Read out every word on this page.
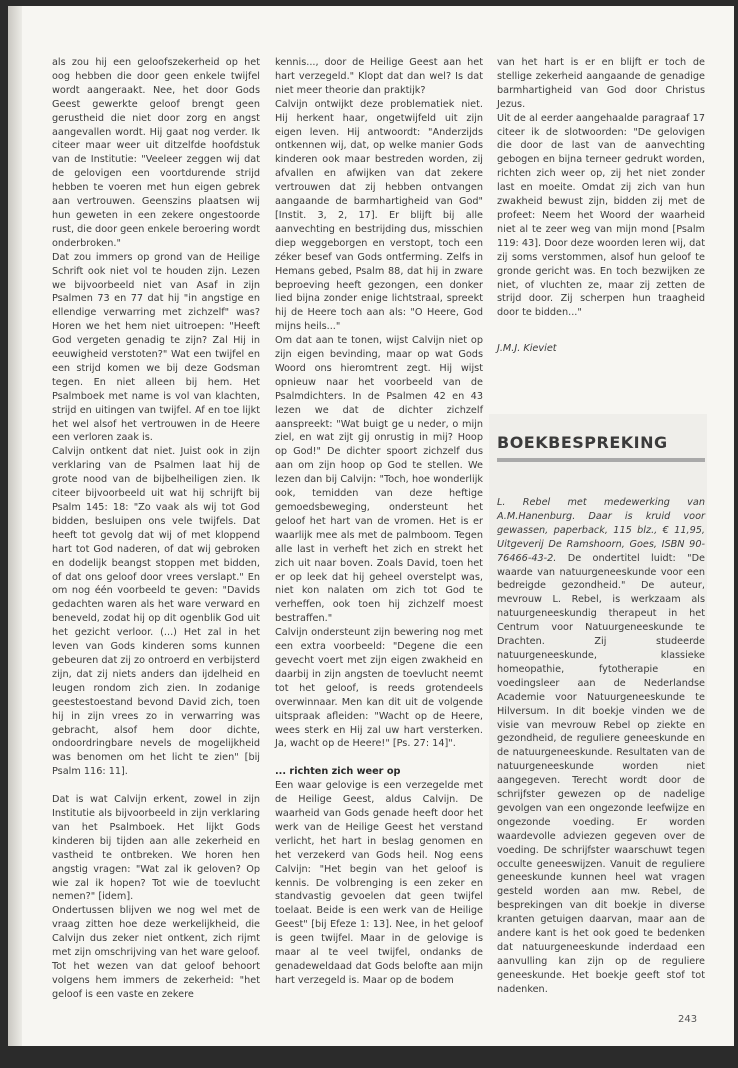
als zou hij een geloofszekerheid op het oog hebben die door geen enkele twijfel wordt aangeraakt. Nee, het door Gods Geest gewerkte geloof brengt geen gerustheid die niet door zorg en angst aangevallen wordt. Hij gaat nog verder. Ik citeer maar weer uit ditzelfde hoofdstuk van de Institutie: "Veeleer zeggen wij dat de gelovigen een voortdurende strijd hebben te voeren met hun eigen gebrek aan vertrouwen. Geenszins plaatsen wij hun geweten in een zekere ongestoorde rust, die door geen enkele beroering wordt onderbroken."

Dat zou immers op grond van de Heilige Schrift ook niet vol te houden zijn. Lezen we bijvoorbeeld niet van Asaf in zijn Psalmen 73 en 77 dat hij "in angstige en ellendige verwarring met zichzelf" was? Horen we het hem niet uitroepen: "Heeft God vergeten genadig te zijn? Zal Hij in eeuwigheid verstoten?" Wat een twijfel en een strijd komen we bij deze Godsman tegen. En niet alleen bij hem. Het Psalmboek met name is vol van klachten, strijd en uitingen van twijfel. Af en toe lijkt het wel alsof het vertrouwen in de Heere een verloren zaak is.

Calvijn ontkent dat niet. Juist ook in zijn verklaring van de Psalmen laat hij de grote nood van de bijbelheiligen zien. Ik citeer bijvoorbeeld uit wat hij schrijft bij Psalm 145: 18: "Zo vaak als wij tot God bidden, besluipen ons vele twijfels. Dat heeft tot gevolg dat wij of met kloppend hart tot God naderen, of dat wij gebroken en dodelijk beangst stoppen met bidden, of dat ons geloof door vrees verslapt." En om nog één voorbeeld te geven: "Davids gedachten waren als het ware verward en beneveld, zodat hij op dit ogenblik God uit het gezicht verloor. (...) Het zal in het leven van Gods kinderen soms kunnen gebeuren dat zij zo ontroerd en verbijsterd zijn, dat zij niets anders dan ijdelheid en leugen rondom zich zien. In zodanige geestestoestand bevond David zich, toen hij in zijn vrees zo in verwarring was gebracht, alsof hem door dichte, ondoordringbare nevels de mogelijkheid was benomen om het licht te zien" [bij Psalm 116: 11].

Dat is wat Calvijn erkent, zowel in zijn Institutie als bijvoorbeeld in zijn verklaring van het Psalmboek. Het lijkt Gods kinderen bij tijden aan alle zekerheid en vastheid te ontbreken. We horen hen angstig vragen: "Wat zal ik geloven? Op wie zal ik hopen? Tot wie de toevlucht nemen?" [idem].

Ondertussen blijven we nog wel met de vraag zitten hoe deze werkelijkheid, die Calvijn dus zeker niet ontkent, zich rijmt met zijn omschrijving van het ware geloof. Tot het wezen van dat geloof behoort volgens hem immers de zekerheid: "het geloof is een vaste en zekere

kennis..., door de Heilige Geest aan het hart verzegeld." Klopt dat dan wel? Is dat niet meer theorie dan praktijk?

Calvijn ontwijkt deze problematiek niet. Hij herkent haar, ongetwijfeld uit zijn eigen leven. Hij antwoordt: "Anderzijds ontkennen wij, dat, op welke manier Gods kinderen ook maar bestreden worden, zij afvallen en afwijken van dat zekere vertrouwen dat zij hebben ontvangen aangaande de barmhartigheid van God" [Instit. 3, 2, 17]. Er blijft bij alle aanvechting en bestrijding dus, misschien diep weggeborgen en verstopt, toch een zéker besef van Gods ontferming. Zelfs in Hemans gebed, Psalm 88, dat hij in zware beproeving heeft gezongen, een donker lied bijna zonder enige lichtstraal, spreekt hij de Heere toch aan als: "O Heere, God mijns heils..."

Om dat aan te tonen, wijst Calvijn niet op zijn eigen bevinding, maar op wat Gods Woord ons hieromtrent zegt. Hij wijst opnieuw naar het voorbeeld van de Psalmdichters. In de Psalmen 42 en 43 lezen we dat de dichter zichzelf aanspreekt: "Wat buigt ge u neder, o mijn ziel, en wat zijt gij onrustig in mij? Hoop op God!" De dichter spoort zichzelf dus aan om zijn hoop op God te stellen. We lezen dan bij Calvijn: "Toch, hoe wonderlijk ook, temidden van deze heftige gemoedsbeweging, ondersteunt het geloof het hart van de vromen. Het is er waarlijk mee als met de palmboom. Tegen alle last in verheft het zich en strekt het zich uit naar boven. Zoals David, toen het er op leek dat hij geheel overstelpt was, niet kon nalaten om zich tot God te verheffen, ook toen hij zichzelf moest bestraffen."

Calvijn ondersteunt zijn bewering nog met een extra voorbeeld: "Degene die een gevecht voert met zijn eigen zwakheid en daarbij in zijn angsten de toevlucht neemt tot het geloof, is reeds grotendeels overwinnaar. Men kan dit uit de volgende uitspraak afleiden: "Wacht op de Heere, wees sterk en Hij zal uw hart versterken. Ja, wacht op de Heere!" [Ps. 27: 14]".

... richten zich weer op

Een waar gelovige is een verzegelde met de Heilige Geest, aldus Calvijn. De waarheid van Gods genade heeft door het werk van de Heilige Geest het verstand verlicht, het hart in beslag genomen en het verzekerd van Gods heil. Nog eens Calvijn: "Het begin van het geloof is kennis. De volbrenging is een zeker en standvastig gevoelen dat geen twijfel toelaat. Beide is een werk van de Heilige Geest" [bij Efeze 1: 13]. Nee, in het geloof is geen twijfel. Maar in de gelovige is maar al te veel twijfel, ondanks de genadeweldaad dat Gods belofte aan mijn hart verzegeld is. Maar op de bodem

van het hart is er en blijft er toch de stellige zekerheid aangaande de genadige barmhartigheid van God door Christus Jezus.

Uit de al eerder aangehaalde paragraaf 17 citeer ik de slotwoorden: "De gelovigen die door de last van de aanvechting gebogen en bijna terneer gedrukt worden, richten zich weer op, zij het niet zonder last en moeite. Omdat zij zich van hun zwakheid bewust zijn, bidden zij met de profeet: Neem het Woord der waarheid niet al te zeer weg van mijn mond [Psalm 119: 43]. Door deze woorden leren wij, dat zij soms verstommen, alsof hun geloof te gronde gericht was. En toch bezwijken ze niet, of vluchten ze, maar zij zetten de strijd door. Zij scherpen hun traagheid door te bidden..."

J.M.J. Kieviet

BOEKBESPREKING

L. Rebel met medewerking van A.M.Hanenburg. Daar is kruid voor gewassen, paperback, 115 blz., € 11,95, Uitgeverij De Ramshoorn, Goes, ISBN 90-76466-43-2. De ondertitel luidt: "De waarde van natuurgeneeskunde voor een bedreigde gezondheid." De auteur, mevrouw L. Rebel, is werkzaam als natuurgeneeskundig therapeut in het Centrum voor Natuurgeneeskunde te Drachten. Zij studeerde natuurgeneeskunde, klassieke homeopathie, fytotherapie en voedingsleer aan de Nederlandse Academie voor Natuurgeneeskunde te Hilversum. In dit boekje vinden we de visie van mevrouw Rebel op ziekte en gezondheid, de reguliere geneeskunde en de natuurgeneeskunde. Resultaten van de natuurgeneeskunde worden niet aangegeven. Terecht wordt door de schrijfster gewezen op de nadelige gevolgen van een ongezonde leefwijze en ongezonde voeding. Er worden waardevolle adviezen gegeven over de voeding. De schrijfster waarschuwt tegen occulte geneeswijzen. Vanuit de reguliere geneeskunde kunnen heel wat vragen gesteld worden aan mw. Rebel, de besprekingen van dit boekje in diverse kranten getuigen daarvan, maar aan de andere kant is het ook goed te bedenken dat natuurgeneeskunde inderdaad een aanvulling kan zijn op de reguliere geneeskunde. Het boekje geeft stof tot nadenken.

243
